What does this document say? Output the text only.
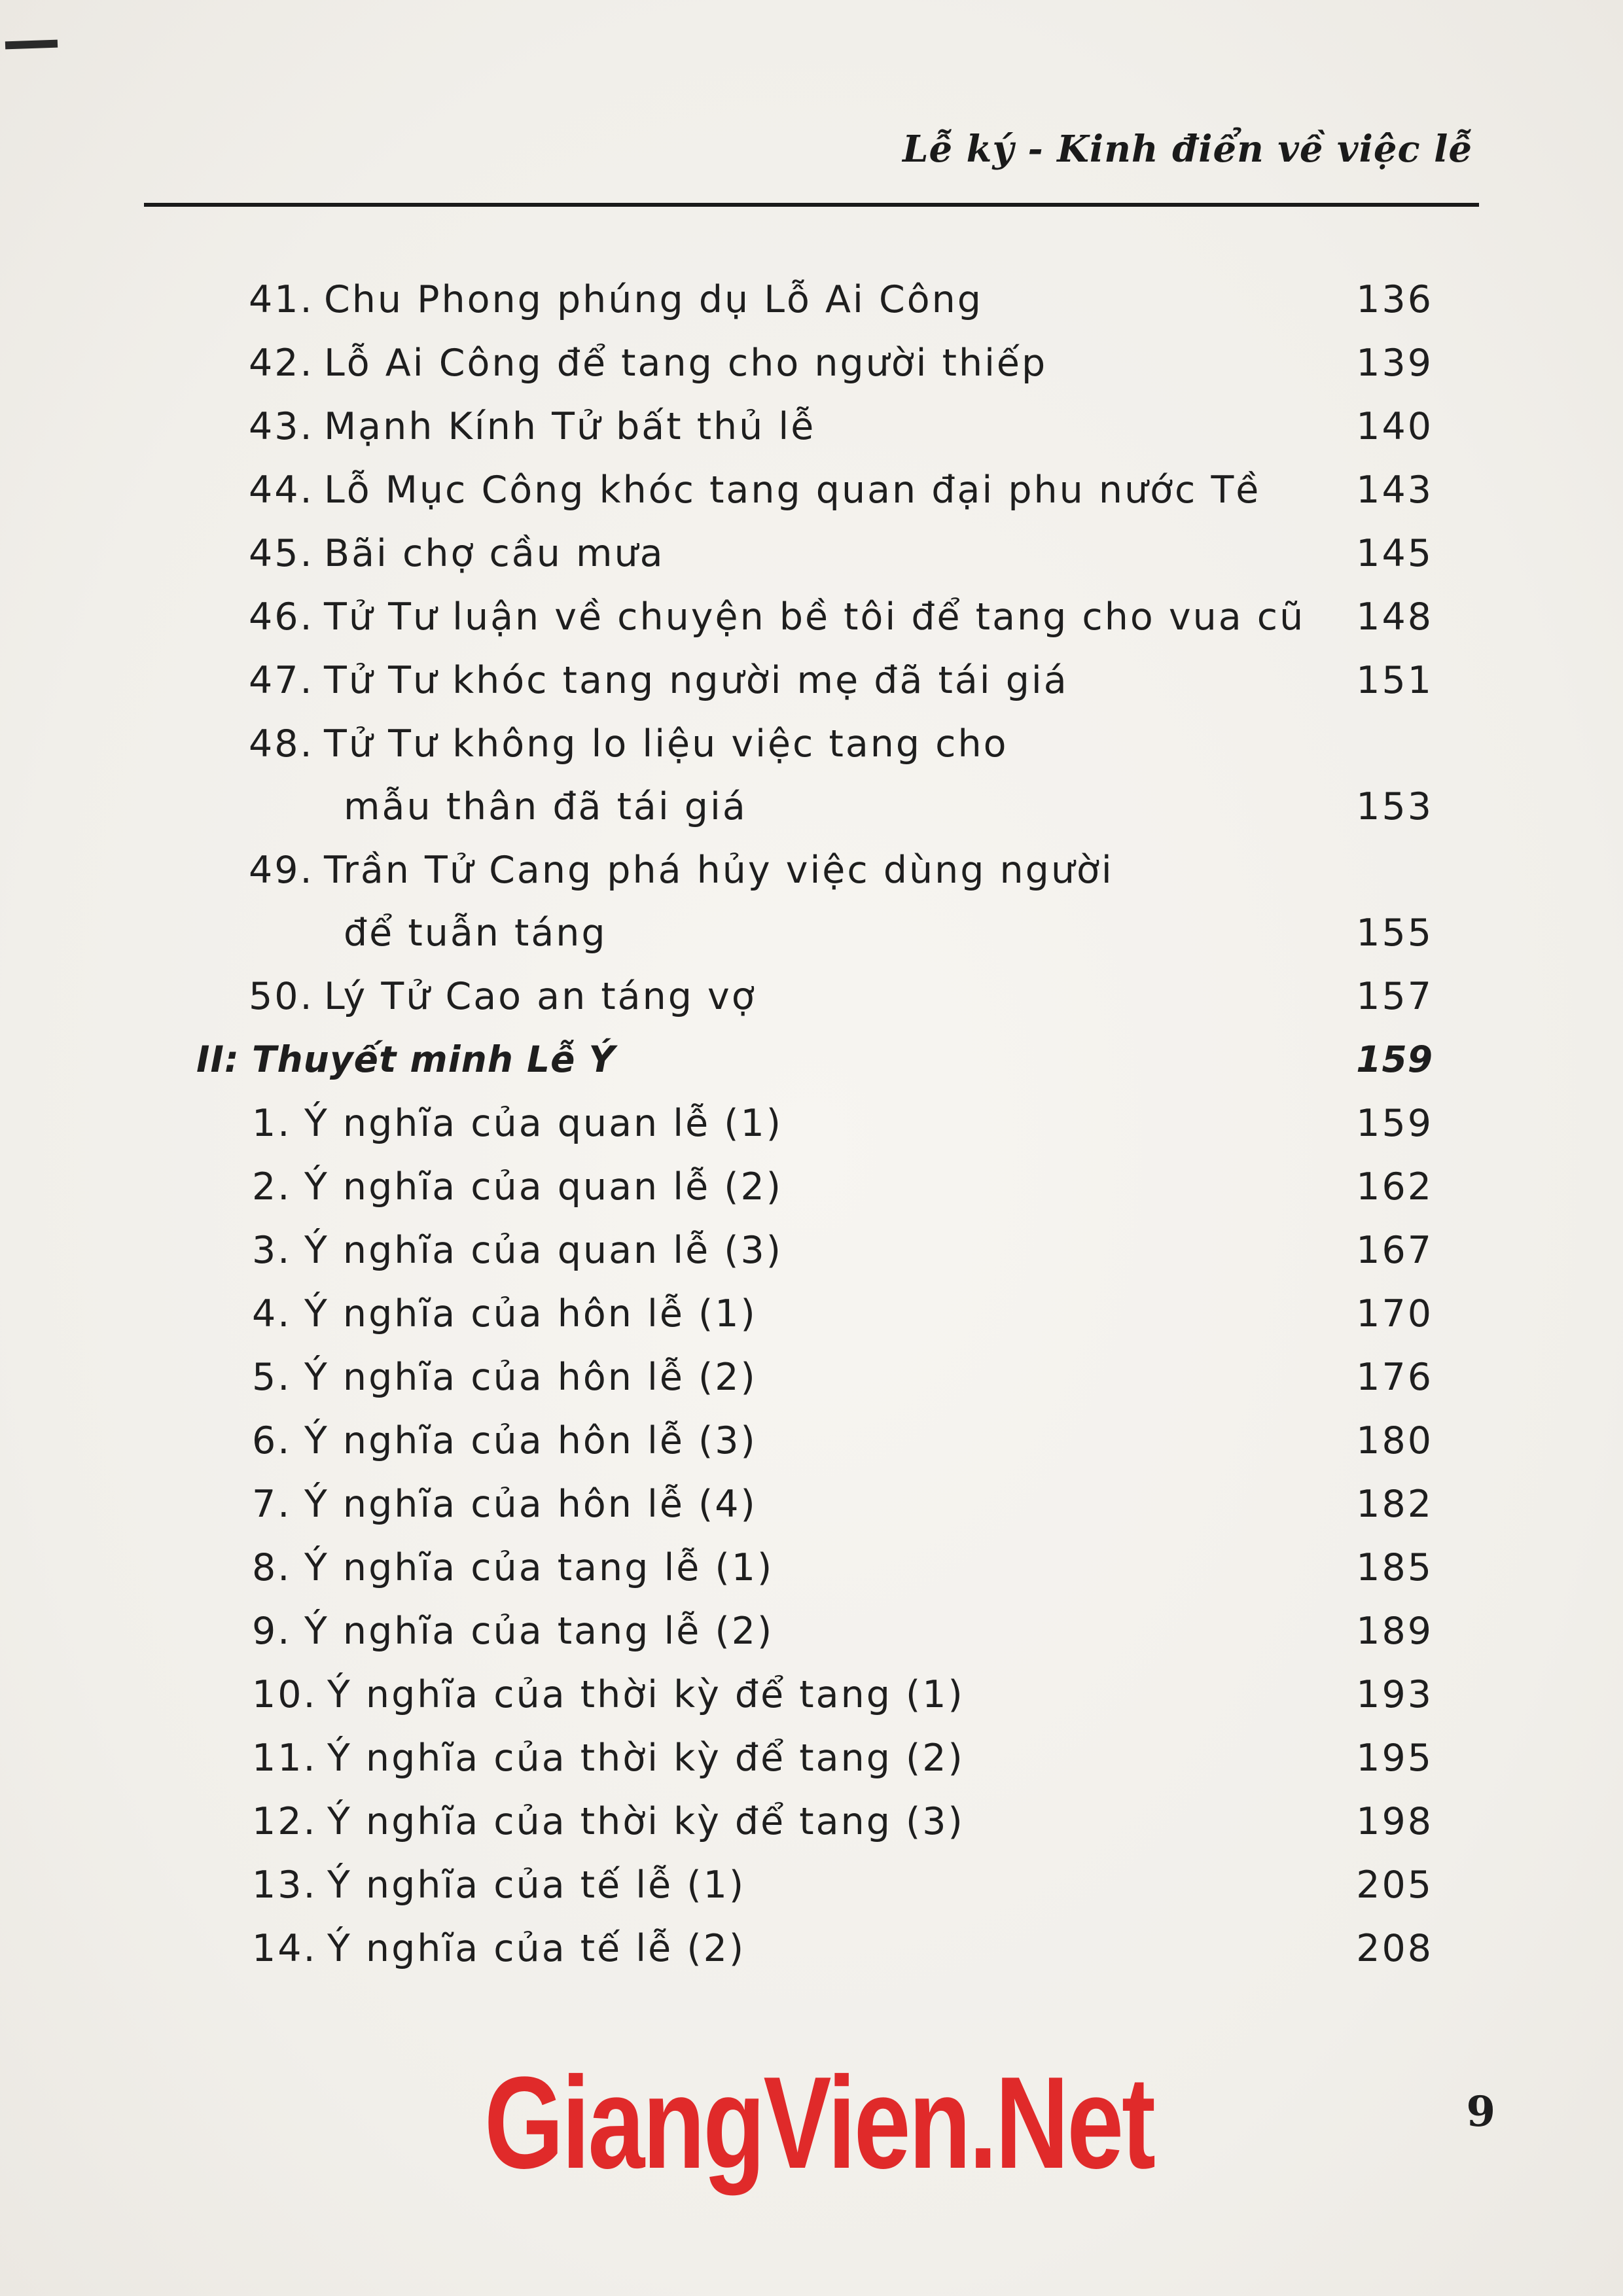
Lễ ký - Kinh điển về việc lễ
41. Chu Phong phúng dụ Lỗ Ai Công	136
42. Lỗ Ai Công để tang cho người thiếp	139
43. Mạnh Kính Tử bất thủ lễ	140
44. Lỗ Mục Công khóc tang quan đại phu nước Tề	143
45. Bãi chợ cầu mưa	145
46. Tử Tư luận về chuyện bề tôi để tang cho vua cũ 148
47. Tử Tư khóc tang người mẹ đã tái giá	151
48. Tử Tư không lo liệu việc tang cho
mẫu thân đã tái giá	153
49. Trần Tử Cang phá hủy việc dùng người
để tuẫn táng	155
50. Lý Tử Cao an táng vợ	157
II: Thuyết minh Lễ Ý	159
1. Ý nghĩa của quan lễ (1)	159
2. Ý nghĩa của quan lễ (2)	162
3. Ý nghĩa của quan lễ (3)	167
4. Ý nghĩa của hôn lễ (1)	170
5. Ý nghĩa của hôn lễ (2)	176
6. Ý nghĩa của hôn lễ (3)	180
7. Ý nghĩa của hôn lễ (4)	182
8. Ý nghĩa của tang lễ (1)	185
9. Ý nghĩa của tang lễ (2)	189
10. Ý nghĩa của thời kỳ để tang (1)	193
11. Ý nghĩa của thời kỳ để tang (2)	195
12. Ý nghĩa của thời kỳ để tang (3)	198
13. Ý nghĩa của tế lễ (1)	205
14. Ý nghĩa của tế lễ (2)	208
GiangVien.Net	9
